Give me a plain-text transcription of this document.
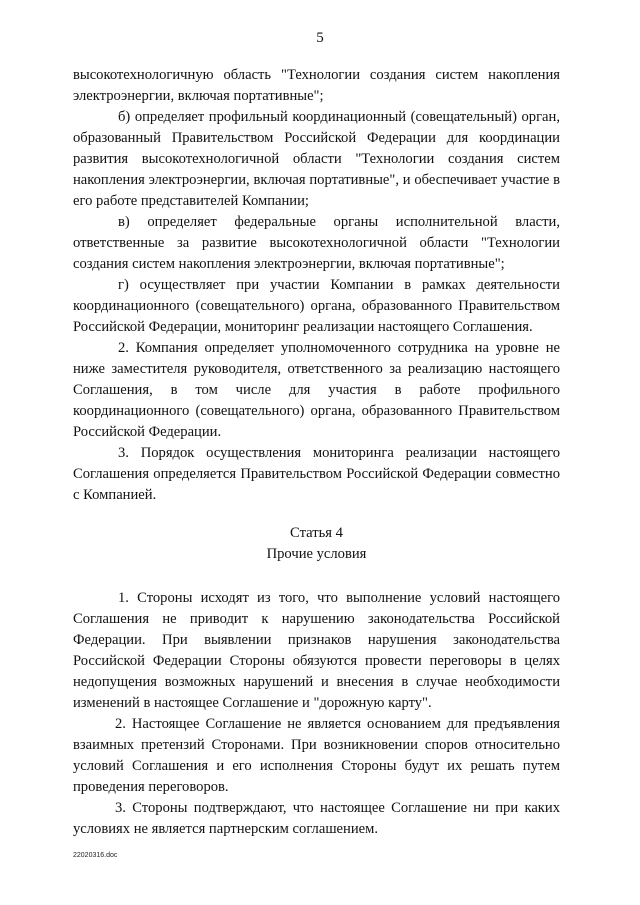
5

высокотехнологичную область "Технологии создания систем накопления электроэнергии, включая портативные";

б) определяет профильный координационный (совещательный) орган, образованный Правительством Российской Федерации для координации развития высокотехнологичной области "Технологии создания систем накопления электроэнергии, включая портативные", и обеспечивает участие в его работе представителей Компании;

в) определяет федеральные органы исполнительной власти, ответственные за развитие высокотехнологичной области "Технологии создания систем накопления электроэнергии, включая портативные";

г) осуществляет при участии Компании в рамках деятельности координационного (совещательного) органа, образованного Правительством Российской Федерации, мониторинг реализации настоящего Соглашения.

2. Компания определяет уполномоченного сотрудника на уровне не ниже заместителя руководителя, ответственного за реализацию настоящего Соглашения, в том числе для участия в работе профильного координационного (совещательного) органа, образованного Правительством Российской Федерации.

3. Порядок осуществления мониторинга реализации настоящего Соглашения определяется Правительством Российской Федерации совместно с Компанией.

Статья 4

Прочие условия

1. Стороны исходят из того, что выполнение условий настоящего Соглашения не приводит к нарушению законодательства Российской Федерации. При выявлении признаков нарушения законодательства Российской Федерации Стороны обязуются провести переговоры в целях недопущения возможных нарушений и внесения в случае необходимости изменений в настоящее Соглашение и "дорожную карту".

2. Настоящее Соглашение не является основанием для предъявления взаимных претензий Сторонами. При возникновении споров относительно условий Соглашения и его исполнения Стороны будут их решать путем проведения переговоров.

3. Стороны подтверждают, что настоящее Соглашение ни при каких условиях не является партнерским соглашением.

22020316.doc
